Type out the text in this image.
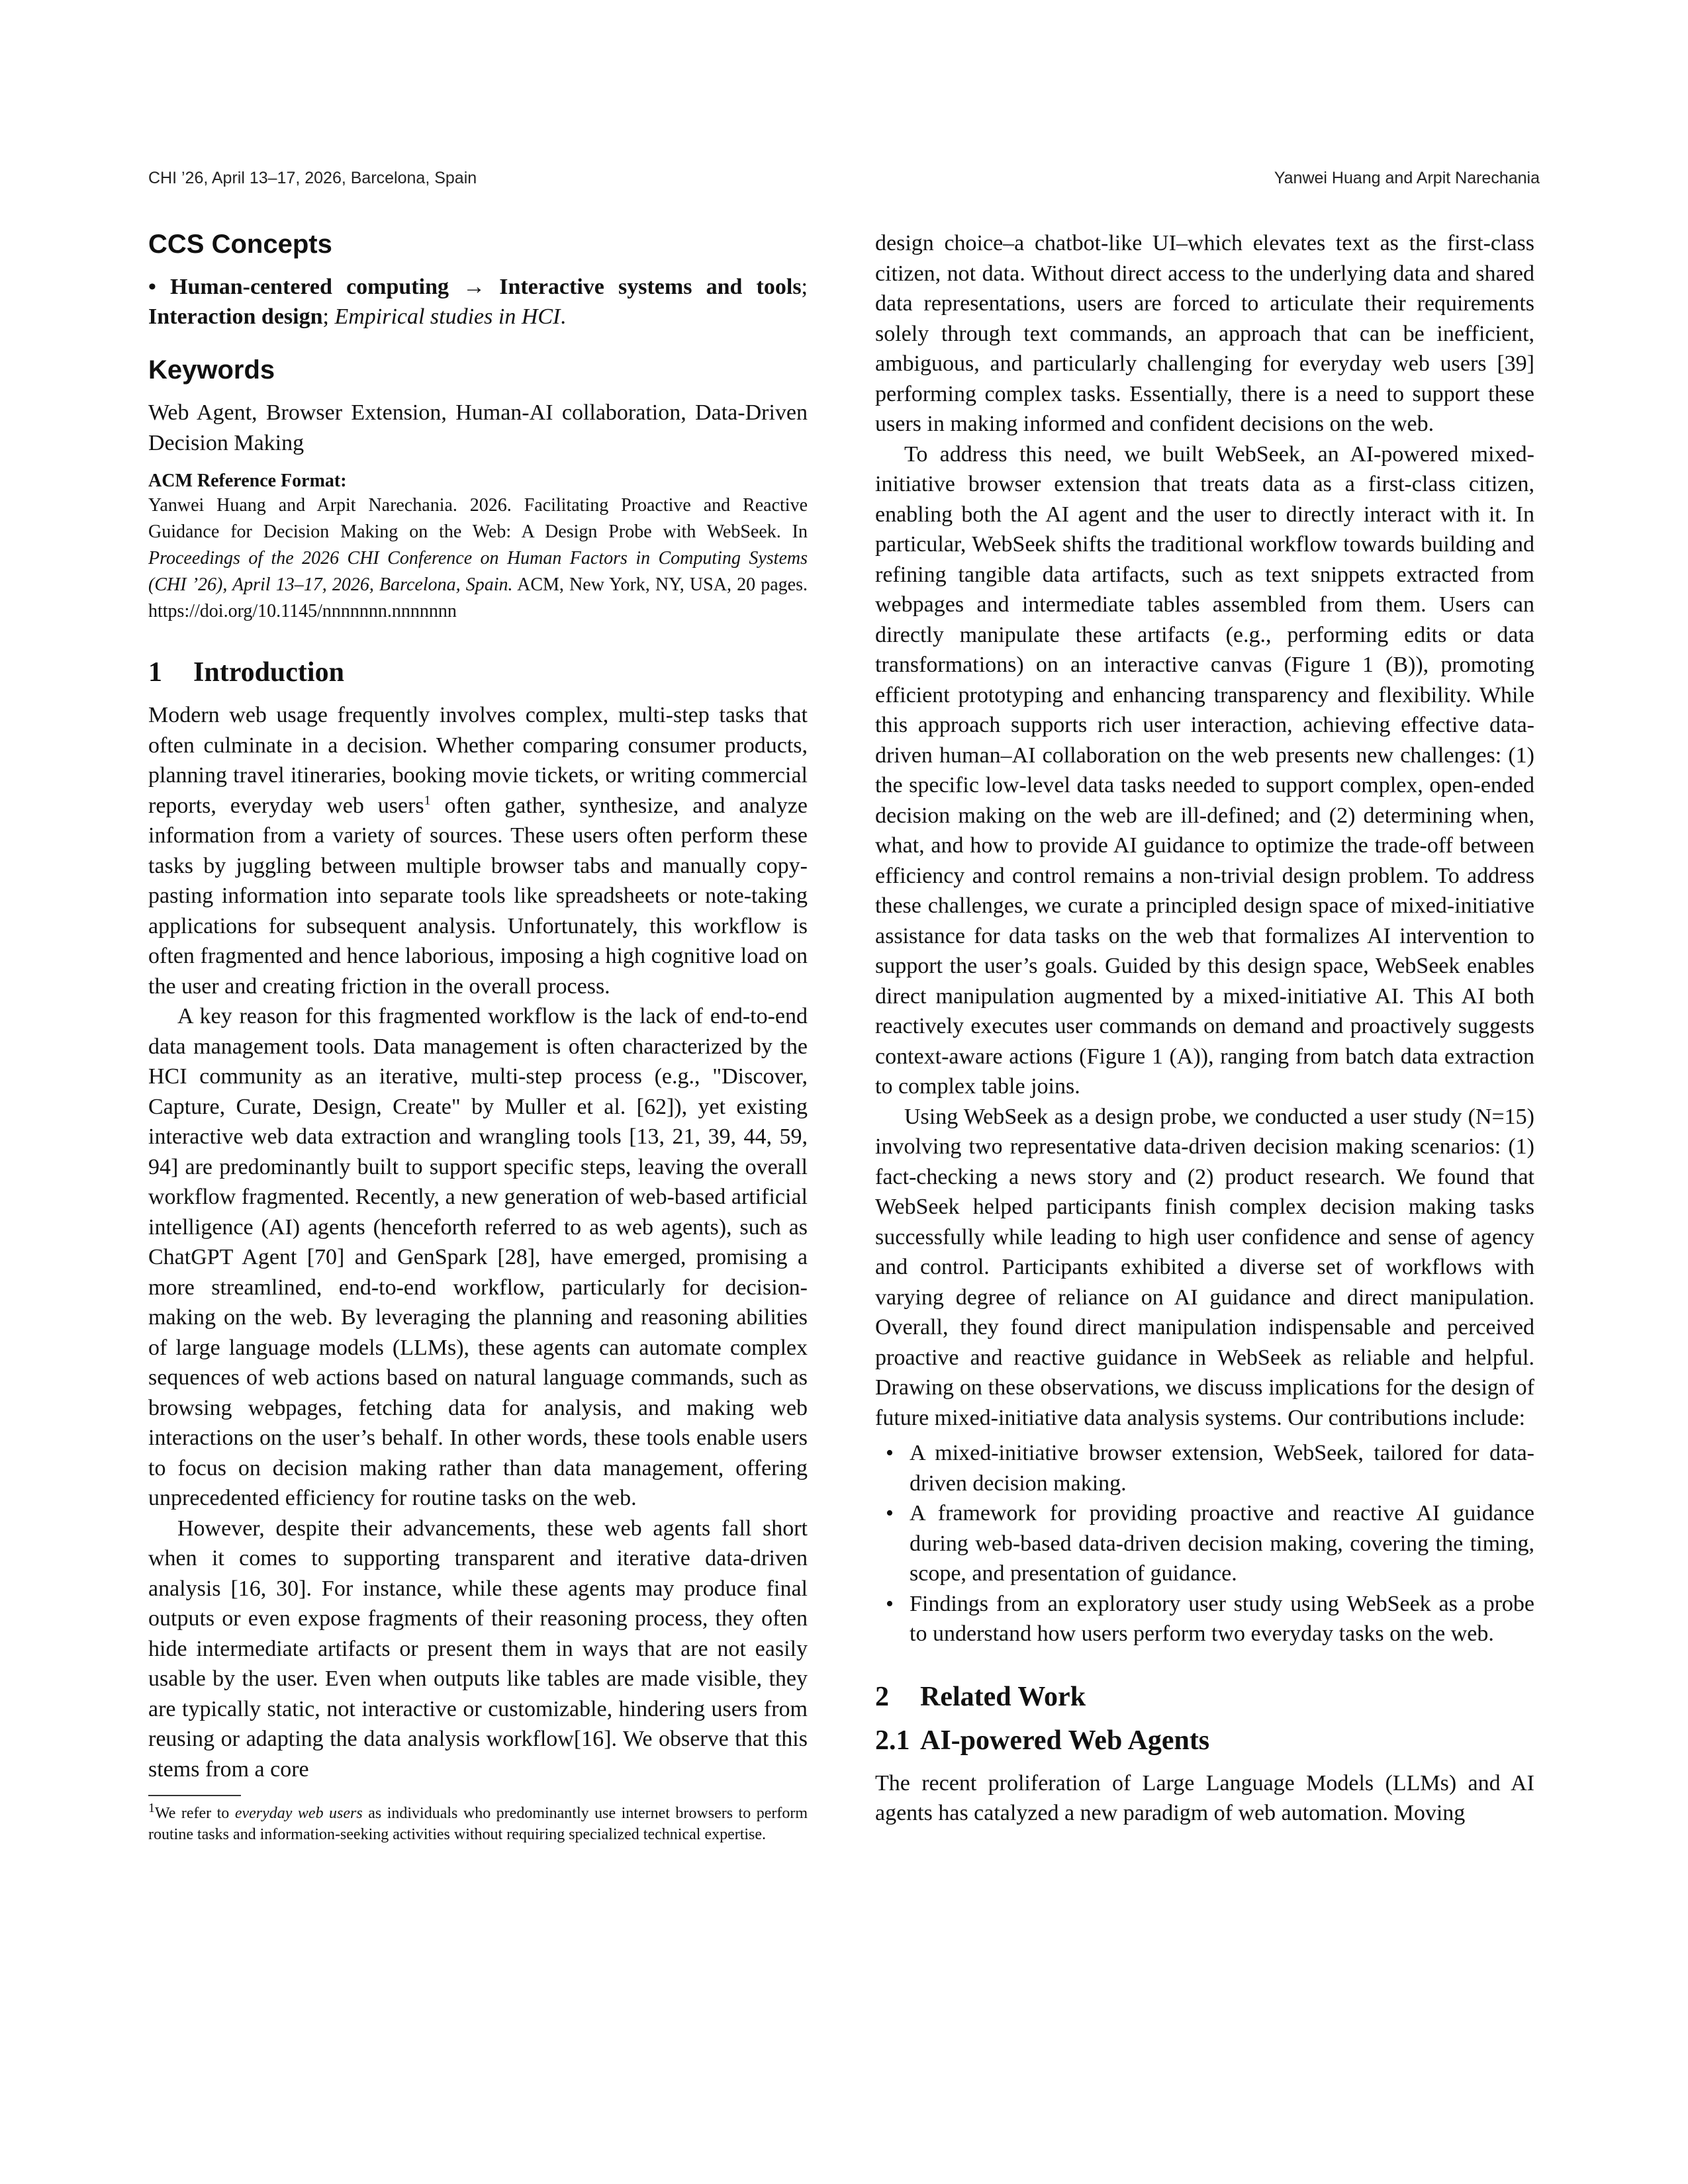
CHI ’26, April 13–17, 2026, Barcelona, Spain	Yanwei Huang and Arpit Narechania
CCS Concepts
• Human-centered computing → Interactive systems and tools; Interaction design; Empirical studies in HCI.
Keywords

Web Agent, Browser Extension, Human-AI collaboration, Data-Driven Decision Making

ACM Reference Format:
Yanwei Huang and Arpit Narechania. 2026. Facilitating Proactive and Reactive Guidance for Decision Making on the Web: A Design Probe with WebSeek. In Proceedings of the 2026 CHI Conference on Human Factors in Computing Systems (CHI ’26), April 13–17, 2026, Barcelona, Spain. ACM, New York, NY, USA, 20 pages. https://doi.org/10.1145/nnnnnnn.nnnnnnn
1 Introduction

Modern web usage frequently involves complex, multi-step tasks that often culminate in a decision. Whether comparing consumer products, planning travel itineraries, booking movie tickets, or writing commercial reports, everyday web users$^1$ often gather, synthesize, and analyze information from a variety of sources. These users often perform these tasks by juggling between multiple browser tabs and manually copy-pasting information into separate tools like spreadsheets or note-taking applications for subsequent analysis. Unfortunately, this workflow is often fragmented and hence laborious, imposing a high cognitive load on the user and creating friction in the overall process.

A key reason for this fragmented workflow is the lack of end-to-end data management tools. Data management is often characterized by the HCI community as an iterative, multi-step process (e.g., "Discover, Capture, Curate, Design, Create" by Muller et al. [62]), yet existing interactive web data extraction and wrangling tools [13, 21, 39, 44, 59, 94] are predominantly built to support specific steps, leaving the overall workflow fragmented. Recently, a new generation of web-based artificial intelligence (AI) agents (henceforth referred to as web agents), such as ChatGPT Agent [70] and GenSpark [28], have emerged, promising a more streamlined, end-to-end workflow, particularly for decision-making on the web. By leveraging the planning and reasoning abilities of large language models (LLMs), these agents can automate complex sequences of web actions based on natural language commands, such as browsing webpages, fetching data for analysis, and making web interactions on the user’s behalf. In other words, these tools enable users to focus on decision making rather than data management, offering unprecedented efficiency for routine tasks on the web.

However, despite their advancements, these web agents fall short when it comes to supporting transparent and iterative data-driven analysis [16, 30]. For instance, while these agents may produce final outputs or even expose fragments of their reasoning process, they often hide intermediate artifacts or present them in ways that are not easily usable by the user. Even when outputs like tables are made visible, they are typically static, not interactive or customizable, hindering users from reusing or adapting the data analysis workflow[16]. We observe that this stems from a core

$^1$We refer to everyday web users as individuals who predominantly use internet browsers to perform routine tasks and information-seeking activities without requiring specialized technical expertise.

design choice–a chatbot-like UI–which elevates text as the first-class citizen, not data. Without direct access to the underlying data and shared data representations, users are forced to articulate their requirements solely through text commands, an approach that can be inefficient, ambiguous, and particularly challenging for everyday web users [39] performing complex tasks. Essentially, there is a need to support these users in making informed and confident decisions on the web.

To address this need, we built WebSeek, an AI-powered mixed-initiative browser extension that treats data as a first-class citizen, enabling both the AI agent and the user to directly interact with it. In particular, WebSeek shifts the traditional workflow towards building and refining tangible data artifacts, such as text snippets extracted from webpages and intermediate tables assembled from them. Users can directly manipulate these artifacts (e.g., performing edits or data transformations) on an interactive canvas (Figure 1 (B)), promoting efficient prototyping and enhancing transparency and flexibility. While this approach supports rich user interaction, achieving effective data-driven human–AI collaboration on the web presents new challenges: (1) the specific low-level data tasks needed to support complex, open-ended decision making on the web are ill-defined; and (2) determining when, what, and how to provide AI guidance to optimize the trade-off between efficiency and control remains a non-trivial design problem. To address these challenges, we curate a principled design space of mixed-initiative assistance for data tasks on the web that formalizes AI intervention to support the user’s goals. Guided by this design space, WebSeek enables direct manipulation augmented by a mixed-initiative AI. This AI both reactively executes user commands on demand and proactively suggests context-aware actions (Figure 1 (A)), ranging from batch data extraction to complex table joins.

Using WebSeek as a design probe, we conducted a user study (N=15) involving two representative data-driven decision making scenarios: (1) fact-checking a news story and (2) product research. We found that WebSeek helped participants finish complex decision making tasks successfully while leading to high user confidence and sense of agency and control. Participants exhibited a diverse set of workflows with varying degree of reliance on AI guidance and direct manipulation. Overall, they found direct manipulation indispensable and perceived proactive and reactive guidance in WebSeek as reliable and helpful. Drawing on these observations, we discuss implications for the design of future mixed-initiative data analysis systems. Our contributions include:

• A mixed-initiative browser extension, WebSeek, tailored for data-driven decision making.
• A framework for providing proactive and reactive AI guidance during web-based data-driven decision making, covering the timing, scope, and presentation of guidance.
• Findings from an exploratory user study using WebSeek as a probe to understand how users perform two everyday tasks on the web.
2 Related Work
2.1 AI-powered Web Agents

The recent proliferation of Large Language Models (LLMs) and AI agents has catalyzed a new paradigm of web automation. Moving
